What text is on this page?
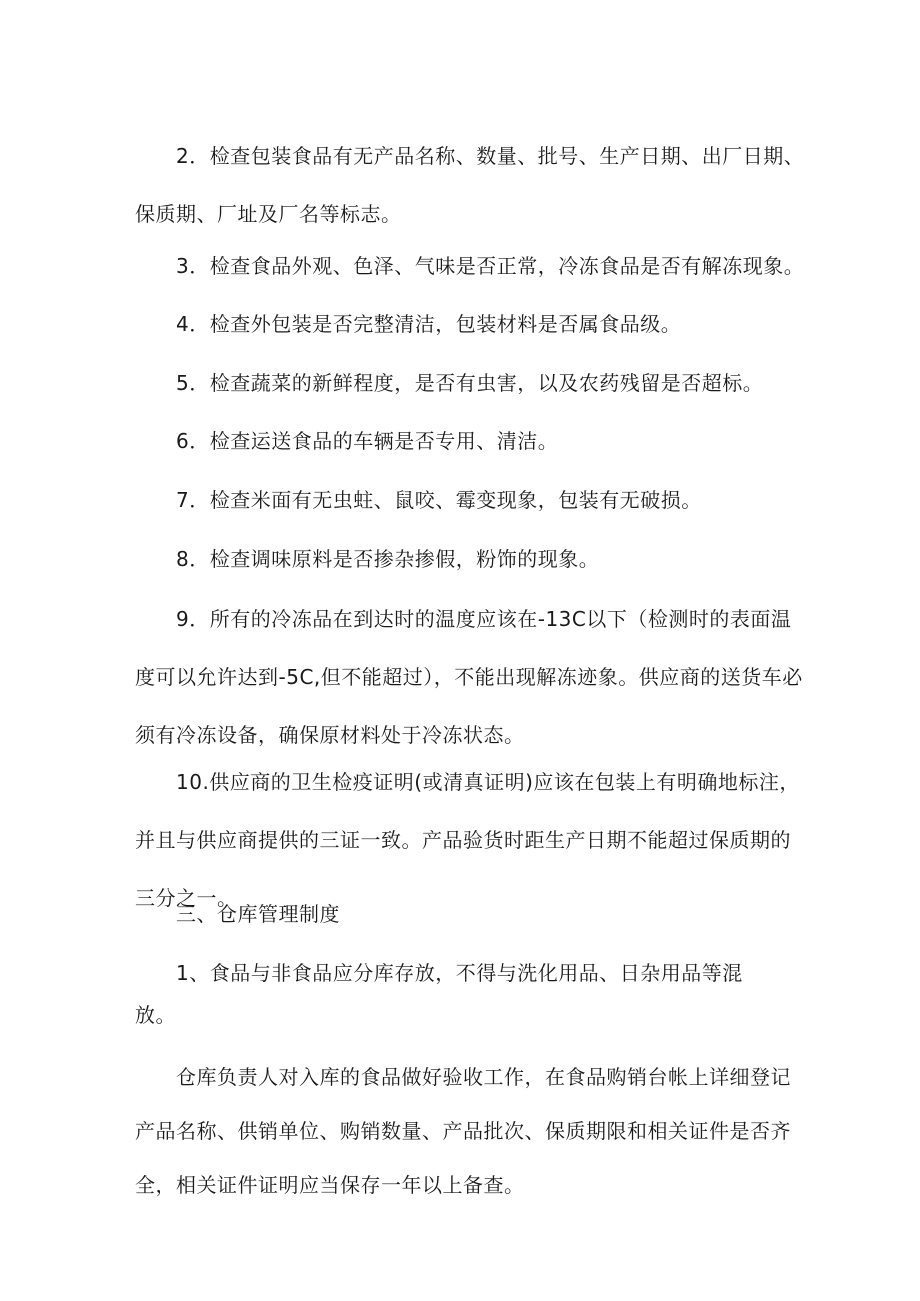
2．检查包装食品有无产品名称、数量、批号、生产日期、出厂日期、保质期、厂址及厂名等标志。

3．检查食品外观、色泽、气味是否正常，冷冻食品是否有解冻现象。

4．检查外包装是否完整清洁，包装材料是否属食品级。

5．检查蔬菜的新鲜程度，是否有虫害，以及农药残留是否超标。

6．检查运送食品的车辆是否专用、清洁。

7．检查米面有无虫蛀、鼠咬、霉变现象，包装有无破损。

8．检查调味原料是否掺杂掺假，粉饰的现象。

9．所有的冷冻品在到达时的温度应该在-13C以下（检测时的表面温度可以允许达到-5C,但不能超过），不能出现解冻迹象。供应商的送货车必须有冷冻设备，确保原材料处于冷冻状态。

10.供应商的卫生检疫证明(或清真证明)应该在包装上有明确地标注，并且与供应商提供的三证一致。产品验货时距生产日期不能超过保质期的三分之一。

三、仓库管理制度

1、食品与非食品应分库存放，不得与洗化用品、日杂用品等混放。

仓库负责人对入库的食品做好验收工作，在食品购销台帐上详细登记产品名称、供销单位、购销数量、产品批次、保质期限和相关证件是否齐全，相关证件证明应当保存一年以上备查。
